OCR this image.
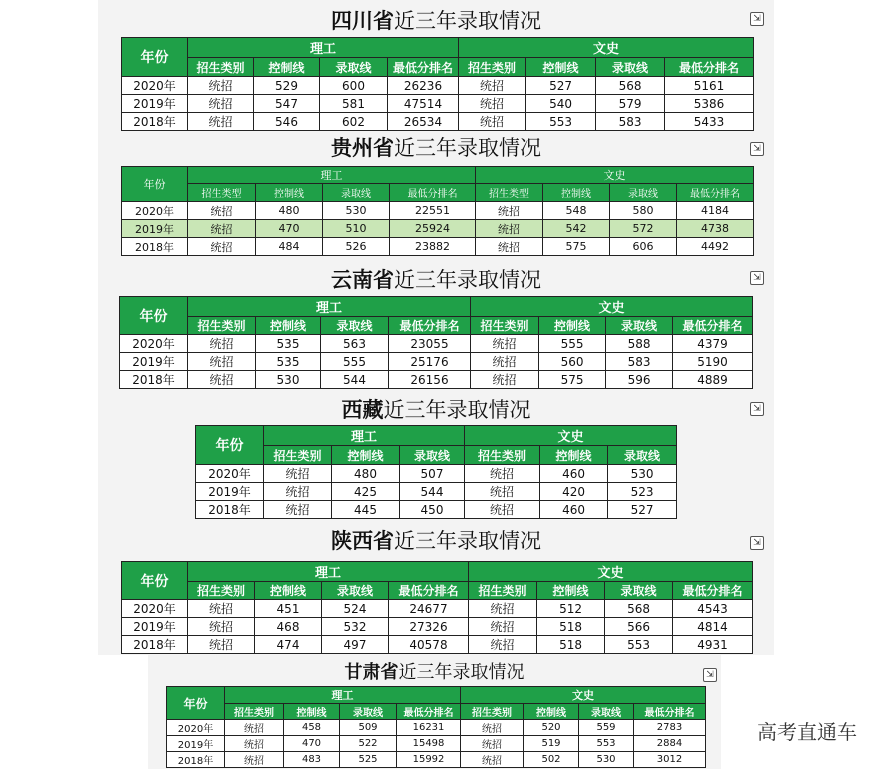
四川省近三年录取情况
贵州省近三年录取情况
云南省近三年录取情况
西藏近三年录取情况
陕西省近三年录取情况
甘肃省近三年录取情况
⇲
⇲
⇲
⇲
⇲
⇲
年份	理工				文史			
	招生类别	控制线	录取线	最低分排名	招生类别	控制线	录取线	最低分排名
2020年	统招	529	600	26236	统招	527	568	5161
2019年	统招	547	581	47514	统招	540	579	5386
2018年	统招	546	602	26534	统招	553	583	5433
年份	理工				文史			
	招生类型	控制线	录取线	最低分排名	招生类型	控制线	录取线	最低分排名
2020年	统招	480	530	22551	统招	548	580	4184
2019年	统招	470	510	25924	统招	542	572	4738
2018年	统招	484	526	23882	统招	575	606	4492
年份	理工				文史			
	招生类别	控制线	录取线	最低分排名	招生类别	控制线	录取线	最低分排名
2020年	统招	535	563	23055	统招	555	588	4379
2019年	统招	535	555	25176	统招	560	583	5190
2018年	统招	530	544	26156	统招	575	596	4889
年份	理工			文史		
	招生类别	控制线	录取线	招生类别	控制线	录取线
2020年	统招	480	507	统招	460	530
2019年	统招	425	544	统招	420	523
2018年	统招	445	450	统招	460	527
年份	理工				文史			
	招生类别	控制线	录取线	最低分排名	招生类别	控制线	录取线	最低分排名
2020年	统招	451	524	24677	统招	512	568	4543
2019年	统招	468	532	27326	统招	518	566	4814
2018年	统招	474	497	40578	统招	518	553	4931
年份	理工				文史			
	招生类别	控制线	录取线	最低分排名	招生类别	控制线	录取线	最低分排名
2020年	统招	458	509	16231	统招	520	559	2783
2019年	统招	470	522	15498	统招	519	553	2884
2018年	统招	483	525	15992	统招	502	530	3012
高考直通车
